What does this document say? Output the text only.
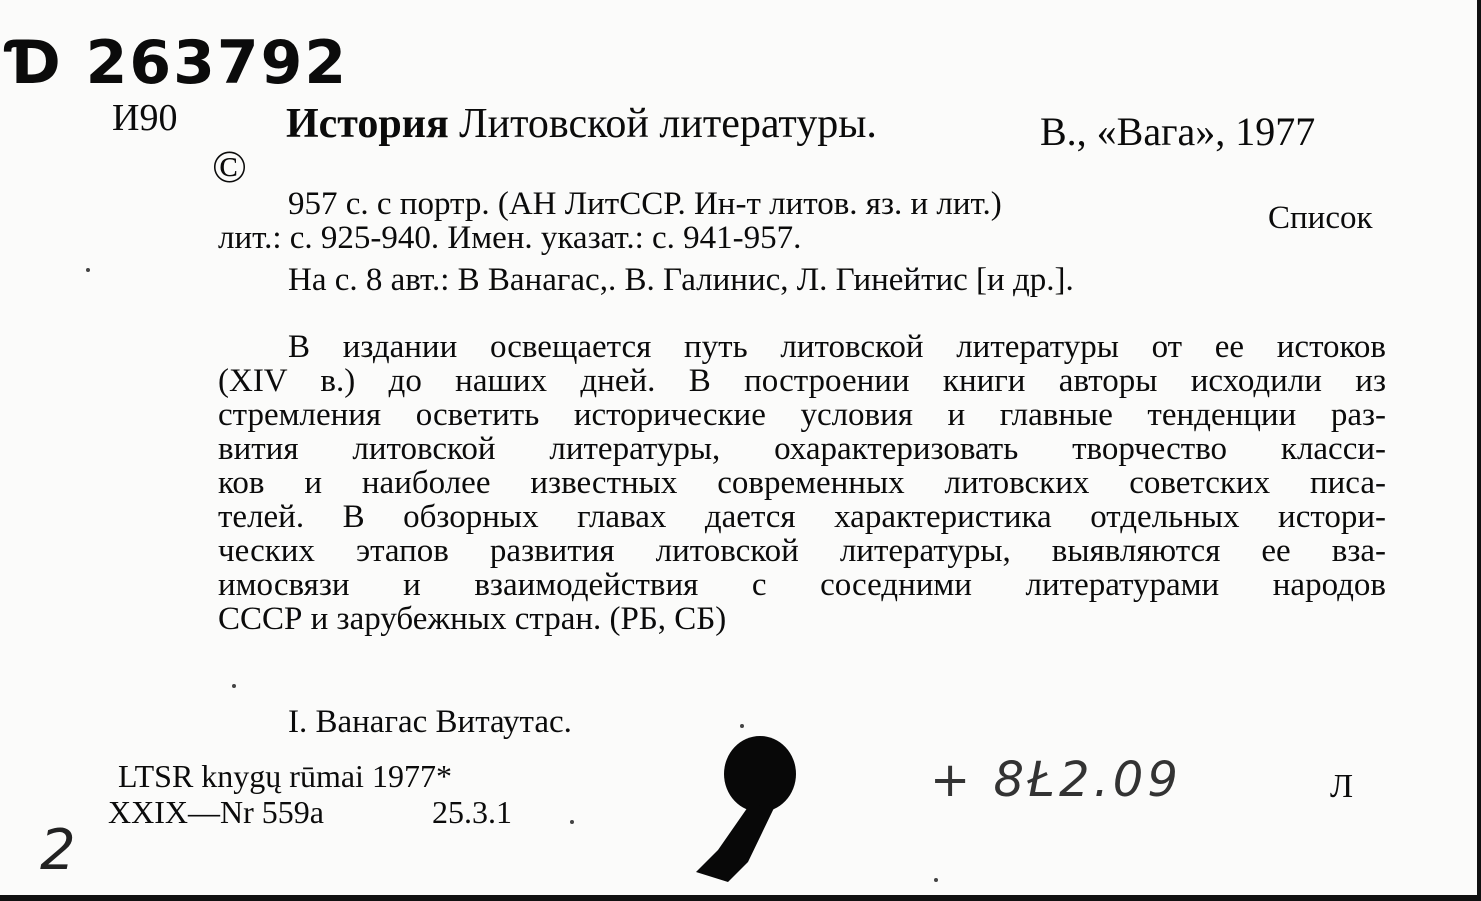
Ɗ 263792
И90
©
История Литовской литературы.	В., «Вага», 1977
957 с. с портр. (АН ЛитССР. Ин-т литов. яз. и лит.)	Список
лит.: с. 925-940. Имен. указат.: с. 941-957.
На с. 8 авт.: В Ванагас,. В. Галинис, Л. Гинейтис [и др.].
В издании освещается путь литовской литературы от ее истоков
(XIV в.) до наших дней. В построении книги авторы исходили из
стремления осветить исторические условия и главные тенденции раз-
вития литовской литературы, охарактеризовать творчество класси-
ков и наиболее известных современных литовских советских писа-
телей. В обзорных главах дается характеристика отдельных истори-
ческих этапов развития литовской литературы, выявляются ее вза-
имосвязи и взаимодействия с соседними литературами народов
СССР и зарубежных стран. (РБ, СБ)
I. Ванагас Витаутас.
LTSR knygų rūmai 1977*
XXIX—Nr 559a	25.3.1
+ 8Ł2.09	Л
2
